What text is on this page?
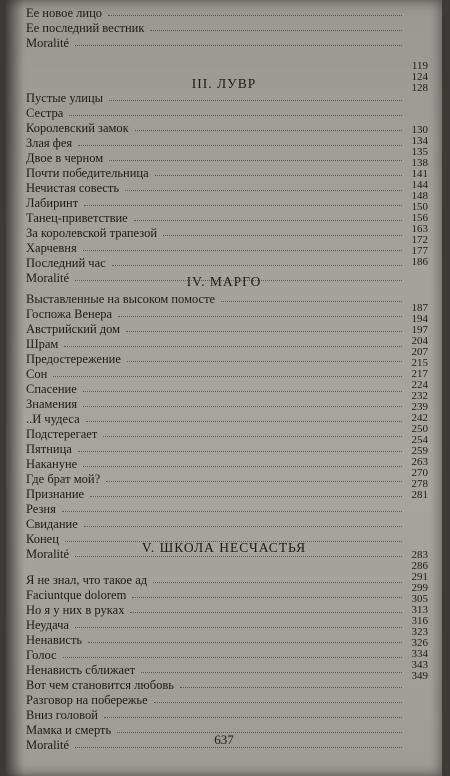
Ее новое лицо
Ее последний вестник
Moralité
119
124
128
III. ЛУВР
Пустые улицы
Сестра
Королевский замок
Злая фея
Двое в черном
Почти победительница
Нечистая совесть
Лабиринт
Танец-приветствие
За королевской трапезой
Харчевня
Последний час
Moralité
130
134
135
138
141
144
148
150
156
163
172
177
186
IV. МАРГО
Выставленные на высоком помосте
Госпожа Венера
Австрийский дом
Шрам
Предостережение
Сон
Спасение
Знамения
..И чудеса
Подстерегает
Пятница
Накануне
Где брат мой?
Признание
Резня
Свидание
Конец
Moralité
187
194
197
204
207
215
217
224
232
239
242
250
254
259
263
270
278
281
V. ШКОЛА НЕСЧАСТЬЯ	283
286
291
299
305
313
316
323
326
334
343
349
Я не знал, что такое ад
Faciuntque dolorem
Но я у них в руках
Неудача
Ненависть
Голос
Ненависть сближает
Вот чем становится любовь
Разговор на побережье
Вниз головой
Мамка и смерть
Moralité	637
